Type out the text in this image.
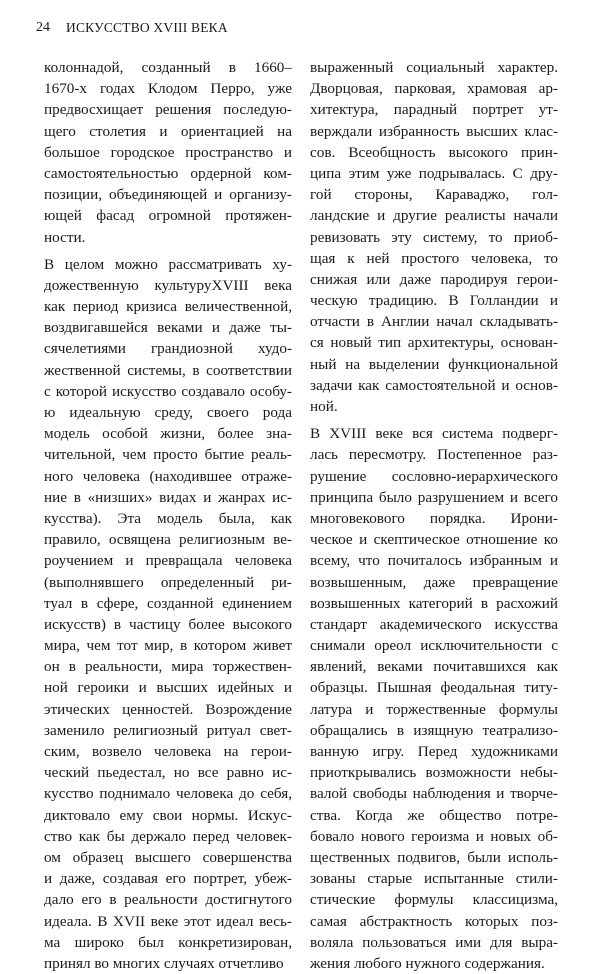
24 ИСКУССТВО XVIII ВЕКА
колоннадой, созданный в 1660–
1670-х годах Клодом Перро, уже
предвосхищает решения последую-
щего столетия и ориентацией на
большое городское пространство и
самостоятельностью ордерной ком-
позиции, объединяющей и организу-
ющей фасад огромной протяжен-
ности.
В целом можно рассматривать ху-
дожественную культуруXVIII века
как период кризиса величественной,
воздвигавшейся веками и даже ты-
сячелетиями грандиозной худо-
жественной системы, в соответствии
с которой искусство создавало особу-
ю идеальную среду, своего рода
модель особой жизни, более зна-
чительной, чем просто бытие реаль-
ного человека (находившее отраже-
ние в «низших» видах и жанрах ис-
кусства). Эта модель была, как
правило, освящена религиозным ве-
роучением и превращала человека
(выполнявшего определенный ри-
туал в сфере, созданной единением
искусств) в частицу более высокого
мира, чем тот мир, в котором живет
он в реальности, мира торжествен-
ной героики и высших идейных и
этических ценностей. Возрождение
заменило религиозный ритуал свет-
ским, возвело человека на герои-
ческий пьедестал, но все равно ис-
кусство поднимало человека до себя,
диктовало ему свои нормы. Искус-
ство как бы держало перед человек-
ом образец высшего совершенства
и даже, создавая его портрет, убеж-
дало его в реальности достигнутого
идеала. В XVII веке этот идеал весь-
ма широко был конкретизирован,
принял во многих случаях отчетливо
выраженный социальный характер.
Дворцовая, парковая, храмовая ар-
хитектура, парадный портрет ут-
верждали избранность высших клас-
сов. Всеобщность высокого прин-
ципа этим уже подрывалась. С дру-
гой стороны, Караваджо, гол-
ландские и другие реалисты начали
ревизовать эту систему, то приоб-
щая к ней простого человека, то
снижая или даже пародируя герои-
ческую традицию. В Голландии и
отчасти в Англии начал складывать-
ся новый тип архитектуры, основан-
ный на выделении функциональной
задачи как самостоятельной и основ-
ной.
В XVIII веке вся система подверг-
лась пересмотру. Постепенное раз-
рушение сословно-иерархического
принципа было разрушением и всего
многовекового порядка. Ирони-
ческое и скептическое отношение ко
всему, что почиталось избранным и
возвышенным, даже превращение
возвышенных категорий в расхожий
стандарт академического искусства
снимали ореол исключительности с
явлений, веками почитавшихся как
образцы. Пышная феодальная титу-
латура и торжественные формулы
обращались в изящную театрализо-
ванную игру. Перед художниками
приоткрывались возможности небы-
валой свободы наблюдения и творче-
ства. Когда же общество потре-
бовало нового героизма и новых об-
щественных подвигов, были исполь-
зованы старые испытанные стили-
стические формулы классицизма,
самая абстрактность которых поз-
воляла пользоваться ими для выра-
жения любого нужного содержания.
